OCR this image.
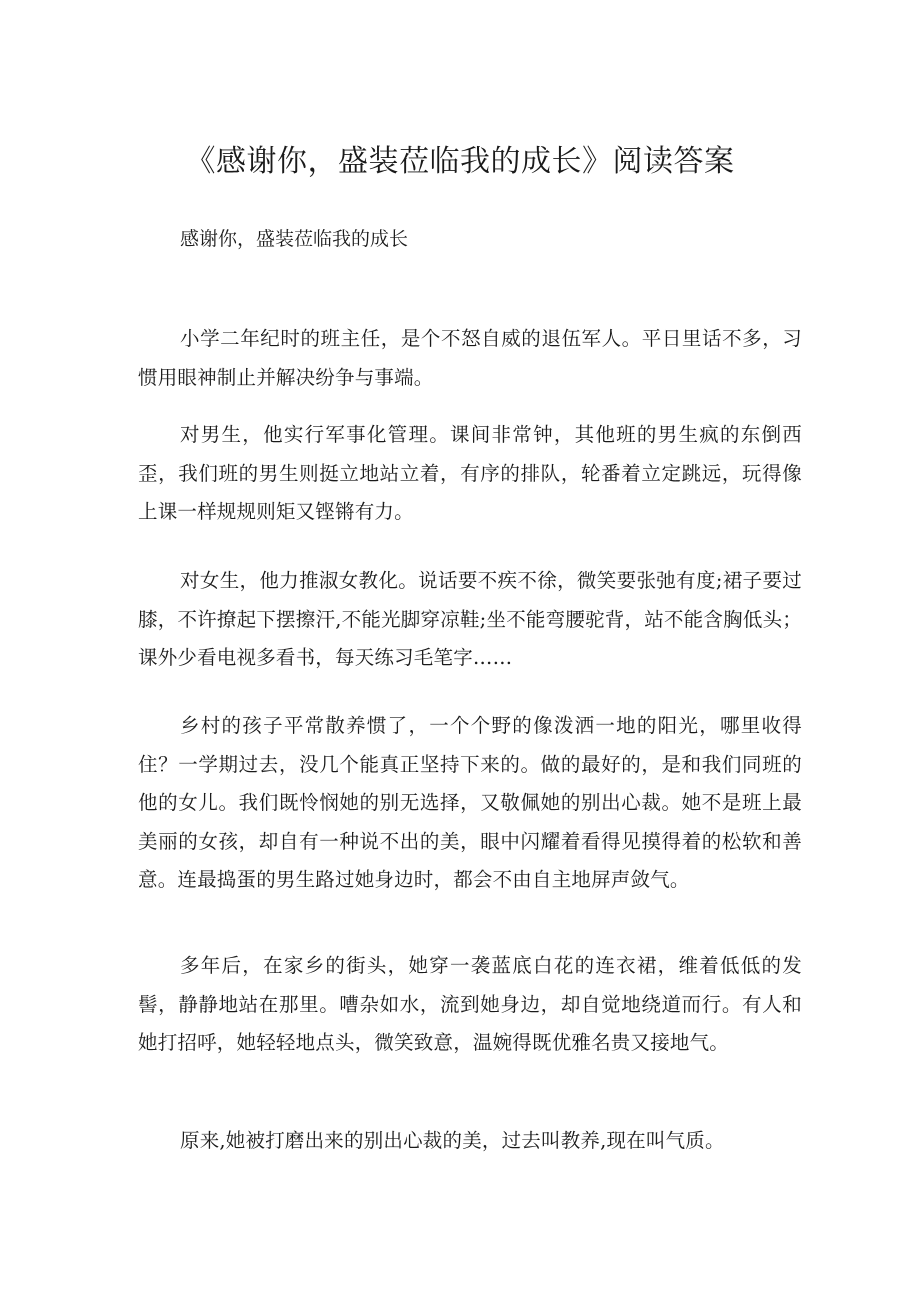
《感谢你，盛装莅临我的成长》阅读答案

感谢你，盛装莅临我的成长

小学二年纪时的班主任，是个不怒自威的退伍军人。平日里话不多，习惯用眼神制止并解决纷争与事端。

对男生，他实行军事化管理。课间非常钟，其他班的男生疯的东倒西歪，我们班的男生则挺立地站立着，有序的排队，轮番着立定跳远，玩得像上课一样规规则矩又铿锵有力。

对女生，他力推淑女教化。说话要不疾不徐，微笑要张弛有度;裙子要过膝，不许撩起下摆擦汗,不能光脚穿凉鞋;坐不能弯腰驼背，站不能含胸低头；课外少看电视多看书，每天练习毛笔字……

乡村的孩子平常散养惯了，一个个野的像泼洒一地的阳光，哪里收得住？一学期过去，没几个能真正坚持下来的。做的最好的，是和我们同班的他的女儿。我们既怜悯她的别无选择，又敬佩她的别出心裁。她不是班上最美丽的女孩，却自有一种说不出的美，眼中闪耀着看得见摸得着的松软和善意。连最捣蛋的男生路过她身边时，都会不由自主地屏声敛气。

多年后，在家乡的街头，她穿一袭蓝底白花的连衣裙，维着低低的发髻，静静地站在那里。嘈杂如水，流到她身边，却自觉地绕道而行。有人和她打招呼，她轻轻地点头，微笑致意，温婉得既优雅名贵又接地气。

原来,她被打磨出来的别出心裁的美，过去叫教养,现在叫气质。
